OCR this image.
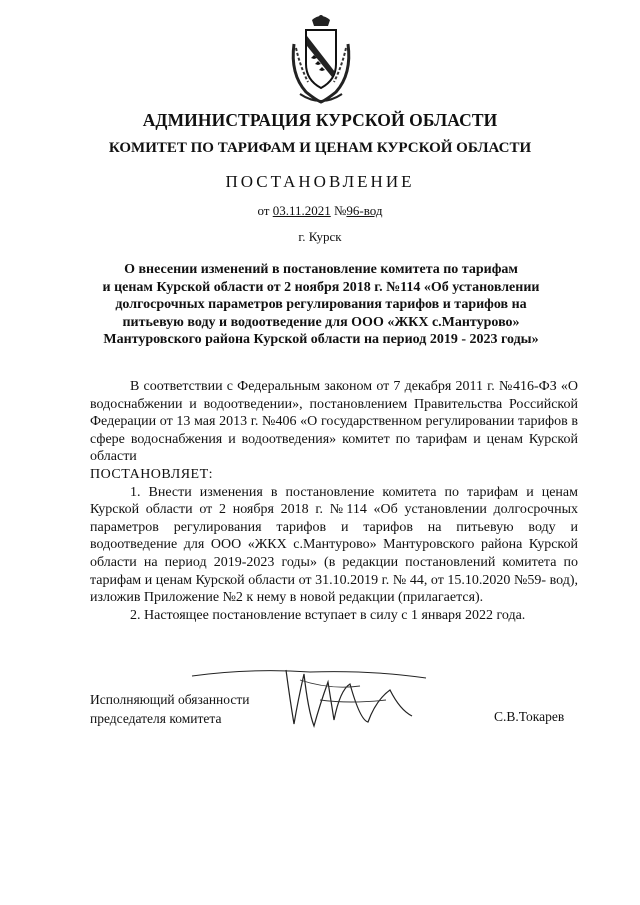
АДМИНИСТРАЦИЯ КУРСКОЙ ОБЛАСТИ
КОМИТЕТ ПО ТАРИФАМ И ЦЕНАМ КУРСКОЙ ОБЛАСТИ
ПОСТАНОВЛЕНИЕ
от 03.11.2021 №96-вод
г. Курск
О внесении изменений в постановление комитета по тарифам
и ценам Курской области от 2 ноября 2018 г. №114 «Об установлении
долгосрочных параметров регулирования тарифов и тарифов на
питьевую воду и водоотведение для ООО «ЖКХ с.Мантурово»
Мантуровского района Курской области на период 2019 - 2023 годы»

В соответствии с Федеральным законом от 7 декабря 2011 г. №416-ФЗ «О водоснабжении и водоотведении», постановлением Правительства Российской Федерации от 13 мая 2013 г. №406 «О государственном регулировании тарифов в сфере водоснабжения и водоотведения» комитет по тарифам и ценам Курской области

ПОСТАНОВЛЯЕТ:

1. Внести изменения в постановление комитета по тарифам и ценам Курской области от 2 ноября 2018 г. №114 «Об установлении долгосрочных параметров регулирования тарифов и тарифов на питьевую воду и водоотведение для ООО «ЖКХ с.Мантурово» Мантуровского района Курской области на период 2019-2023 годы» (в редакции постановлений комитета по тарифам и ценам Курской области от 31.10.2019 г. № 44, от 15.10.2020 №59- вод), изложив Приложение №2 к нему в новой редакции (прилагается).

2. Настоящее постановление вступает в силу с 1 января 2022 года.

Исполняющий обязанности
председателя комитета	С.В.Токарев
